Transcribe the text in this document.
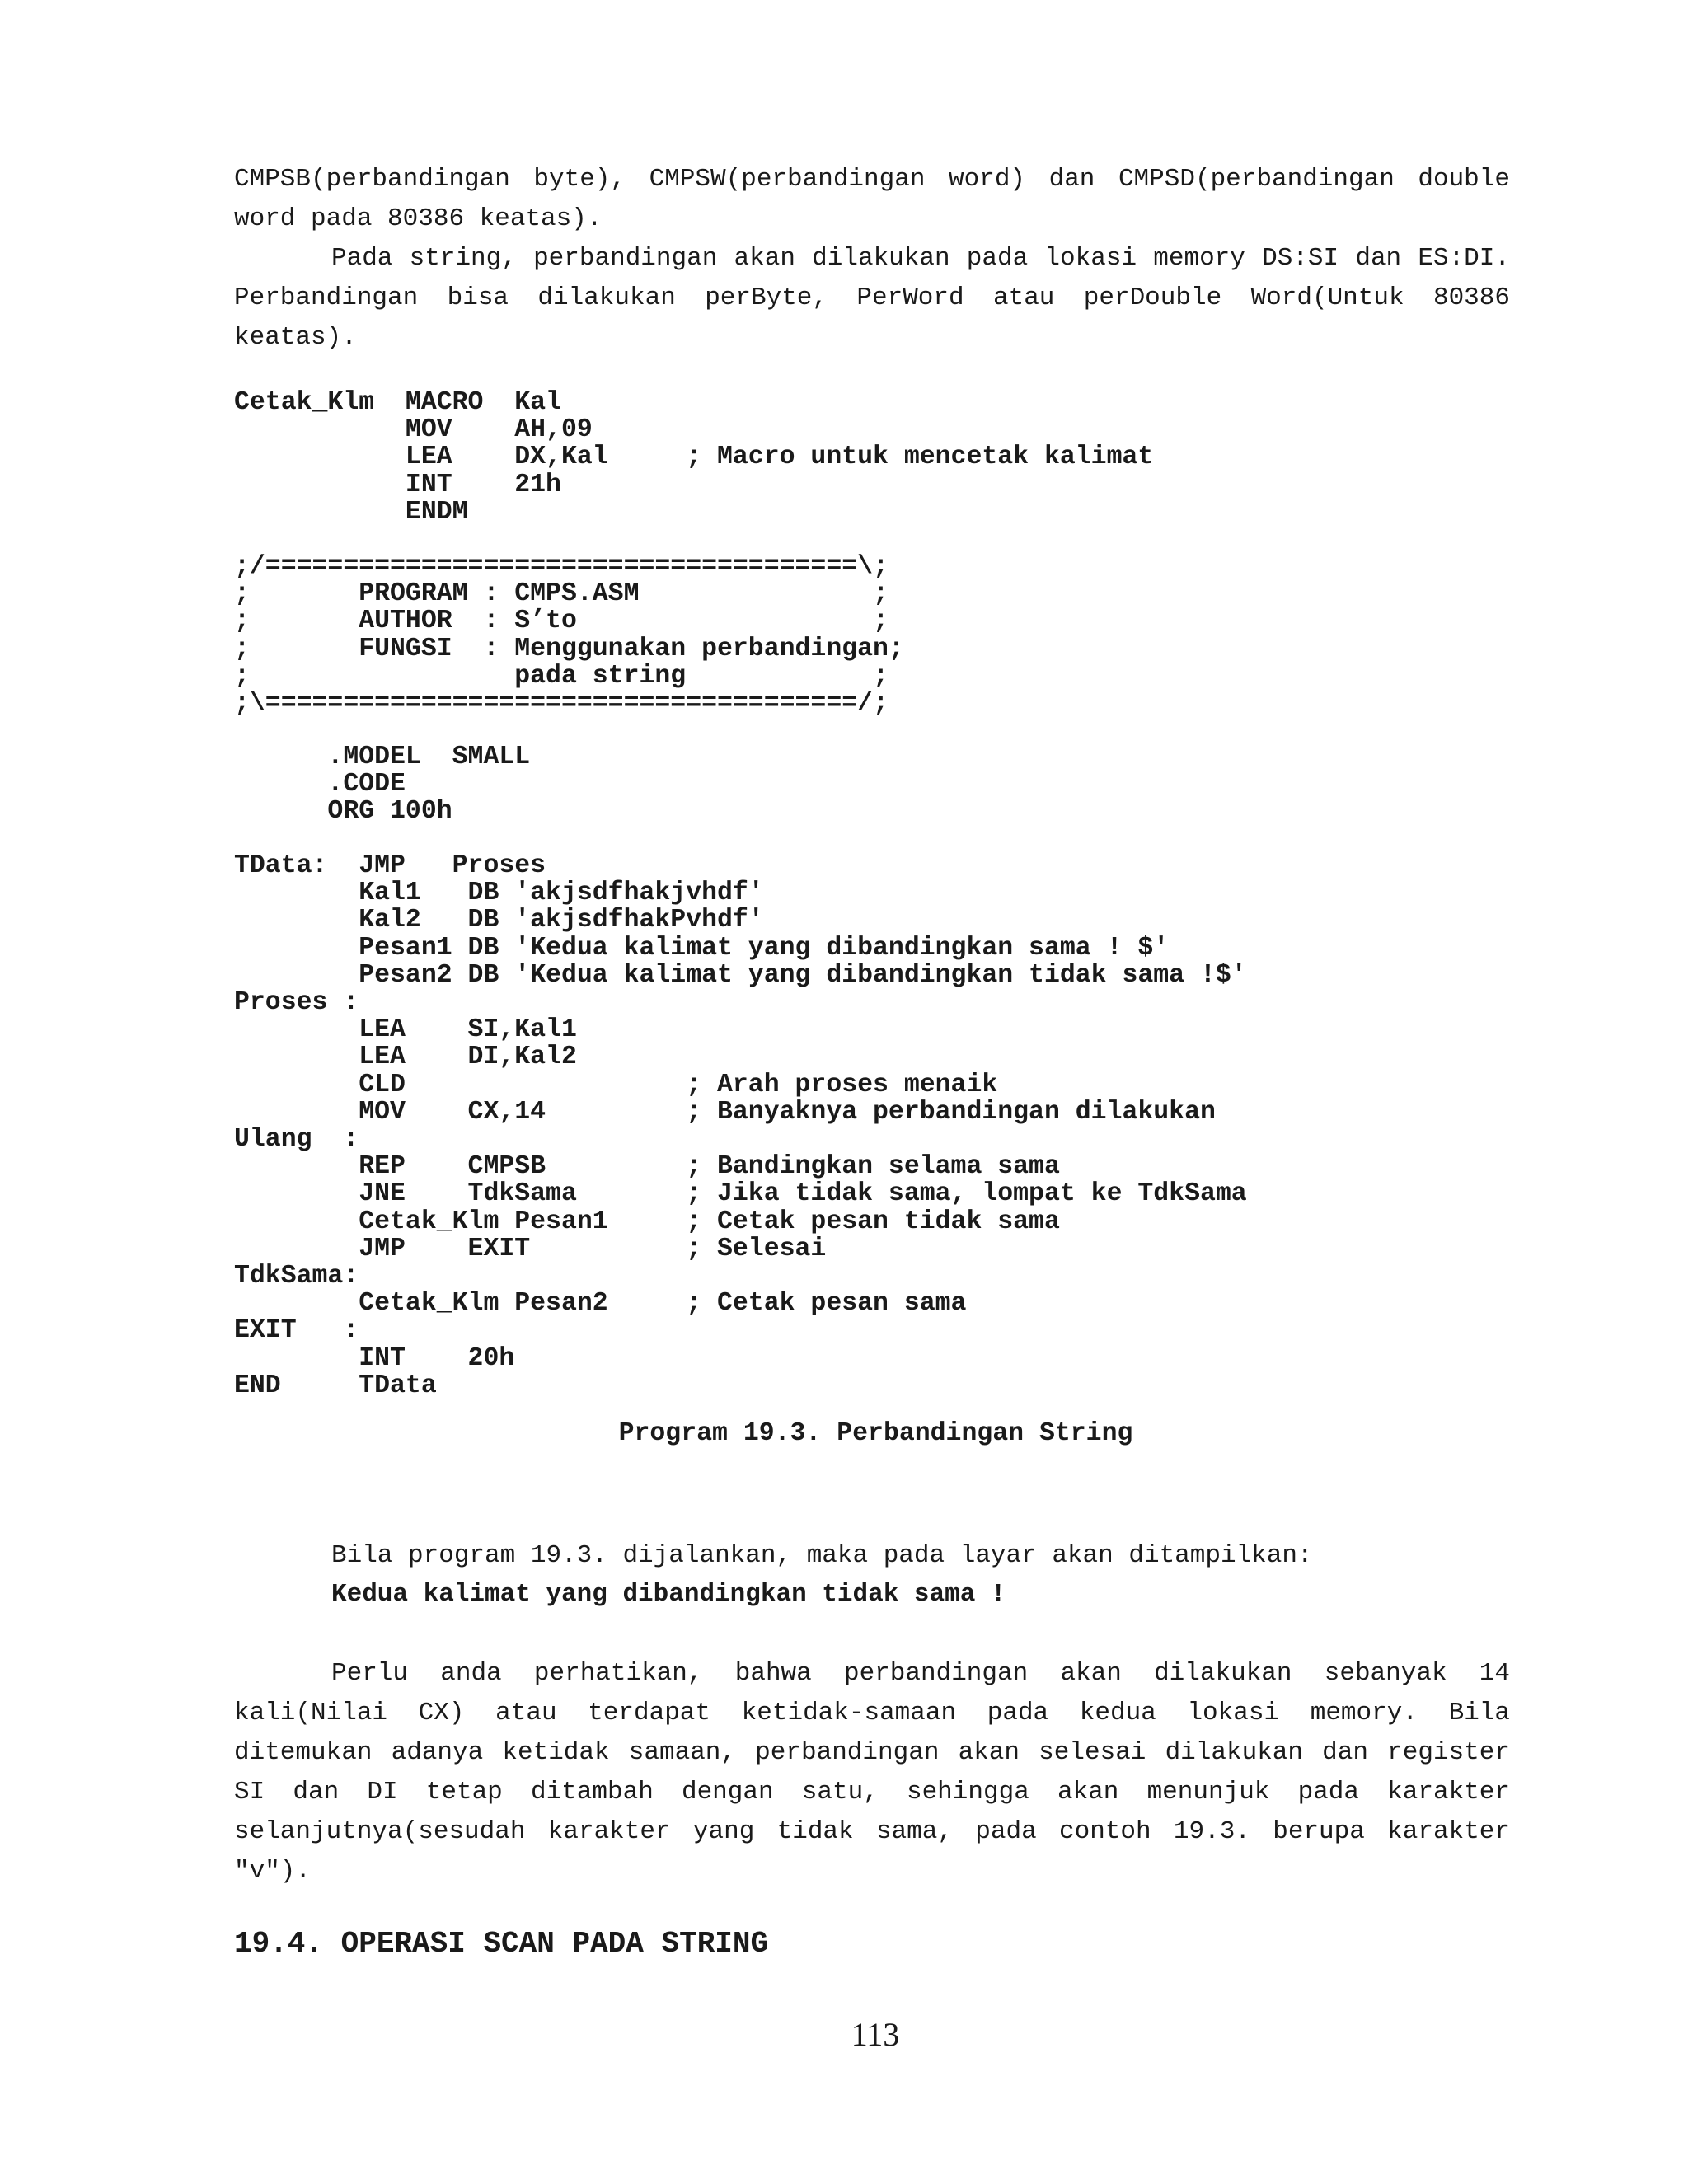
CMPSB(perbandingan byte), CMPSW(perbandingan word) dan CMPSD(perbandingan double word pada 80386 keatas).

Pada string, perbandingan akan dilakukan pada lokasi memory DS:SI dan ES:DI. Perbandingan bisa dilakukan perByte, PerWord atau perDouble Word(Untuk 80386 keatas).

Cetak_Klm  MACRO  Kal
MOV    AH,09
LEA    DX,Kal     ; Macro untuk mencetak kalimat
INT    21h
ENDM
;/======================================\;
;       PROGRAM : CMPS.ASM               ;
;       AUTHOR  : S’to                   ;
;       FUNGSI  : Menggunakan perbandingan;
;                 pada string            ;
;\======================================/;
.MODEL  SMALL
.CODE
ORG 100h
TData:  JMP   Proses
Kal1   DB 'akjsdfhakjvhdf'
Kal2   DB 'akjsdfhakPvhdf'
Pesan1 DB 'Kedua kalimat yang dibandingkan sama ! $'
Pesan2 DB 'Kedua kalimat yang dibandingkan tidak sama !$'
Proses :
LEA    SI,Kal1
LEA    DI,Kal2
CLD                  ; Arah proses menaik
MOV    CX,14         ; Banyaknya perbandingan dilakukan
Ulang  :
REP    CMPSB         ; Bandingkan selama sama
JNE    TdkSama       ; Jika tidak sama, lompat ke TdkSama
Cetak_Klm Pesan1     ; Cetak pesan tidak sama
JMP    EXIT          ; Selesai
TdkSama:
Cetak_Klm Pesan2     ; Cetak pesan sama
EXIT   :
INT    20h
END     TData
Program 19.3. Perbandingan String
Bila program 19.3. dijalankan, maka pada layar akan ditampilkan:
Kedua kalimat yang dibandingkan tidak sama !

Perlu anda perhatikan, bahwa perbandingan akan dilakukan sebanyak 14 kali(Nilai CX) atau terdapat ketidak-samaan pada kedua lokasi memory. Bila ditemukan adanya ketidak samaan, perbandingan akan selesai dilakukan dan register SI dan DI tetap ditambah dengan satu, sehingga akan menunjuk pada karakter selanjutnya(sesudah karakter yang tidak sama, pada contoh 19.3. berupa karakter "v").

19.4. OPERASI SCAN PADA STRING
113
